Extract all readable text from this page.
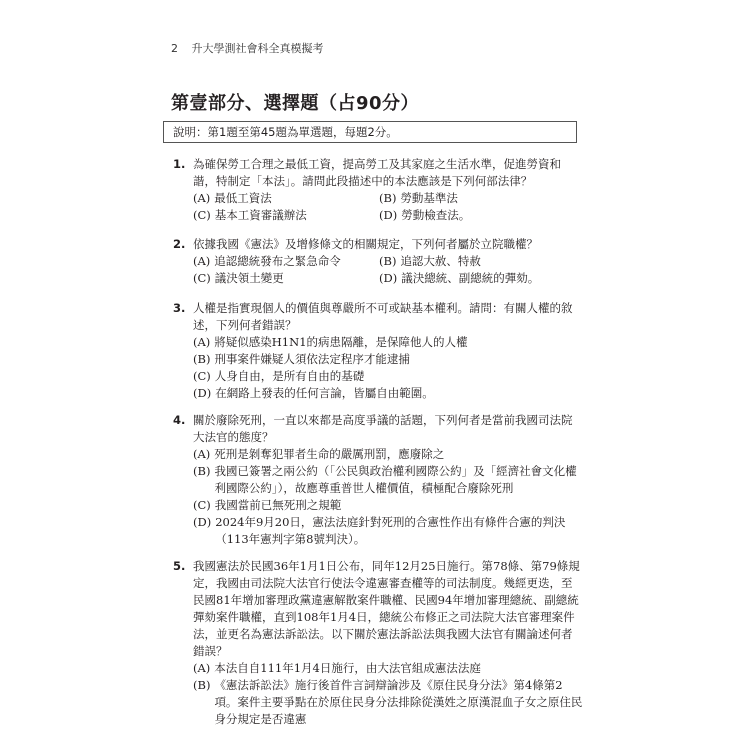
2 升大學測社會科全真模擬考
第壹部分、選擇題（占90分）
說明：第1題至第45題為單選題，每題2分。
1. 為確保勞工合理之最低工資，提高勞工及其家庭之生活水準，促進勞資和諧，特制定「本法」。請問此段描述中的本法應該是下列何部法律？
(A) 最低工資法	(B) 勞動基準法
(C) 基本工資審議辦法	(D) 勞動檢查法。
2. 依據我國《憲法》及增修條文的相關規定，下列何者屬於立院職權？
(A) 追認總統發布之緊急命令	(B) 追認大赦、特赦
(C) 議決領土變更	(D) 議決總統、副總統的彈劾。
3. 人權是指實現個人的價值與尊嚴所不可或缺基本權利。請問：有關人權的敘述，下列何者錯誤？
(A) 將疑似感染H1N1的病患隔離，是保障他人的人權
(B) 刑事案件嫌疑人須依法定程序才能逮捕
(C) 人身自由，是所有自由的基礎
(D) 在網路上發表的任何言論，皆屬自由範圍。
4. 關於廢除死刑，一直以來都是高度爭議的話題，下列何者是當前我國司法院大法官的態度？
(A) 死刑是剝奪犯罪者生命的嚴厲刑罰，應廢除之
(B) 我國已簽署之兩公約（「公民與政治權利國際公約」及「經濟社會文化權利國際公約」），故應尊重普世人權價值，積極配合廢除死刑
(C) 我國當前已無死刑之規範
(D) 2024年9月20日，憲法法庭針對死刑的合憲性作出有條件合憲的判決（113年憲判字第8號判決）。
5. 我國憲法於民國36年1月1日公布，同年12月25日施行。第78條、第79條規定，我國由司法院大法官行使法令違憲審查權等的司法制度。幾經更迭，至民國81年增加審理政黨違憲解散案件職權、民國94年增加審理總統、副總統彈劾案件職權，直到108年1月4日，總統公布修正之司法院大法官審理案件法，並更名為憲法訴訟法。以下關於憲法訴訟法與我國大法官有關論述何者錯誤？
(A) 本法自自111年1月4日施行，由大法官組成憲法法庭
(B) 《憲法訴訟法》施行後首件言詞辯論涉及《原住民身分法》第4條第2項。案件主要爭點在於原住民身分法排除從漢姓之原漢混血子女之原住民身分規定是否違憲
